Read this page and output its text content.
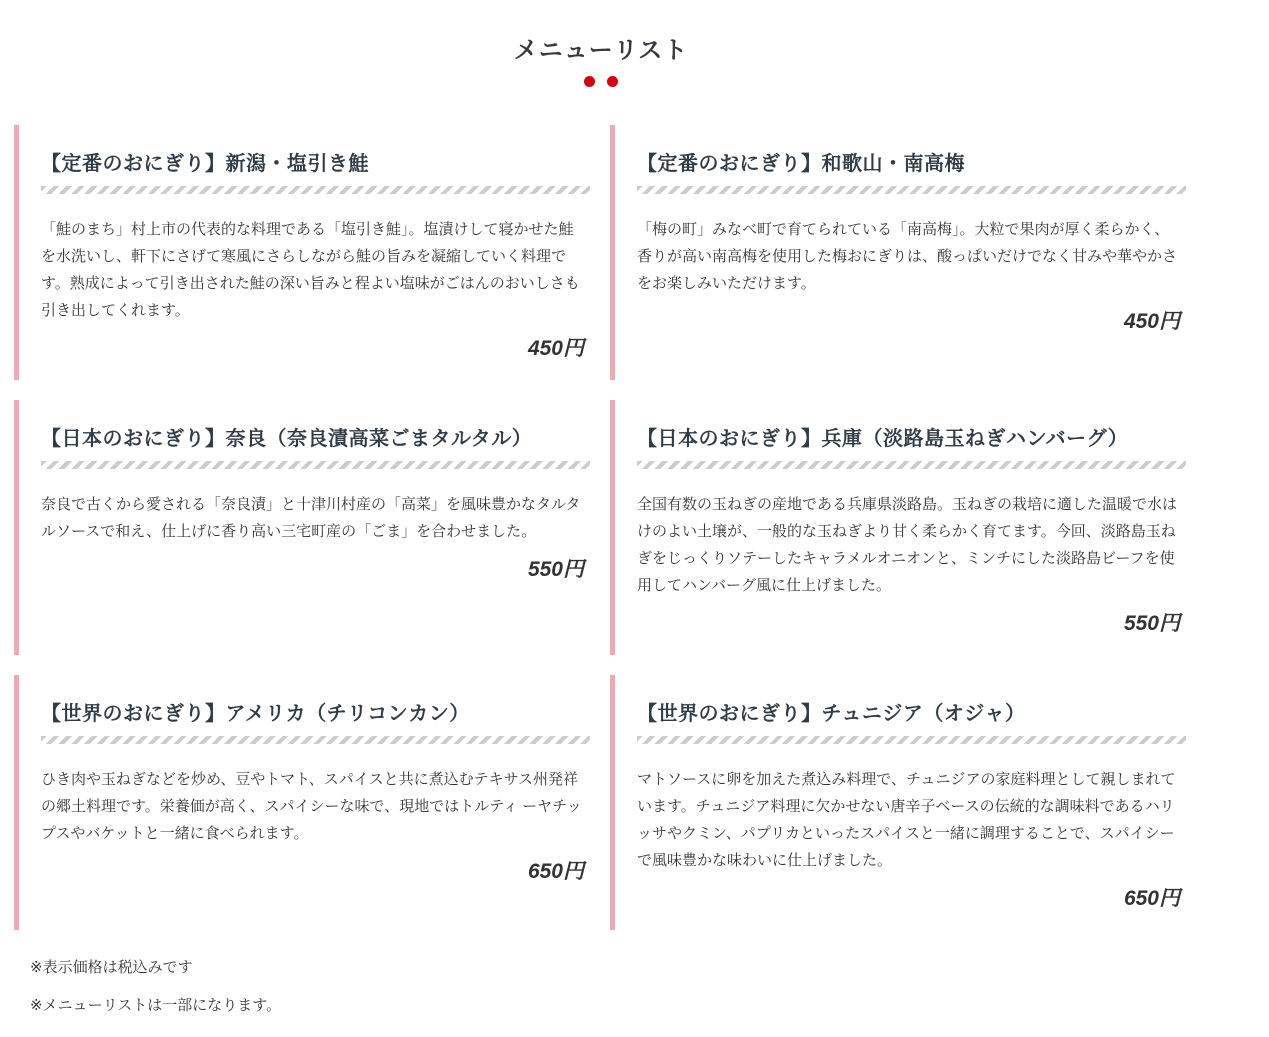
メニューリスト

【定番のおにぎり】新潟・塩引き鮭
「鮭のまち」村上市の代表的な料理である「塩引き鮭」。塩漬けして寝かせた鮭を水洗いし、軒下にさげて寒風にさらしながら鮭の旨みを凝縮していく料理です。熟成によって引き出された鮭の深い旨みと程よい塩味がごはんのおいしさも引き出してくれます。
450円
【定番のおにぎり】和歌山・南高梅
「梅の町」みなべ町で育てられている「南高梅」。大粒で果肉が厚く柔らかく、香りが高い南高梅を使用した梅おにぎりは、酸っぱいだけでなく甘みや華やかさをお楽しみいただけます。
450円
【日本のおにぎり】奈良（奈良漬高菜ごまタルタル）
奈良で古くから愛される「奈良漬」と十津川村産の「高菜」を風味豊かなタルタルソースで和え、仕上げに香り高い三宅町産の「ごま」を合わせました。
550円
【日本のおにぎり】兵庫（淡路島玉ねぎハンバーグ）
全国有数の玉ねぎの産地である兵庫県淡路島。玉ねぎの栽培に適した温暖で水はけのよい土壌が、一般的な玉ねぎより甘く柔らかく育てます。今回、淡路島玉ねぎをじっくりソテーしたキャラメルオニオンと、ミンチにした淡路島ビーフを使用してハンバーグ風に仕上げました。
550円
【世界のおにぎり】アメリカ（チリコンカン）
ひき肉や玉ねぎなどを炒め、豆やトマト、スパイスと共に煮込むテキサス州発祥の郷土料理です。栄養価が高く、スパイシーな味で、現地ではトルティ ーヤチップスやバケットと一緒に食べられます。
650円
【世界のおにぎり】チュニジア（オジャ）
マトソースに卵を加えた煮込み料理で、チュニジアの家庭料理として親しまれています。チュニジア料理に欠かせない唐辛子ベースの伝統的な調味料であるハリッサやクミン、パプリカといったスパイスと一緒に調理することで、スパイシーで風味豊かな味わいに仕上げました。
650円
※表示価格は税込みです
※メニューリストは一部になります。
